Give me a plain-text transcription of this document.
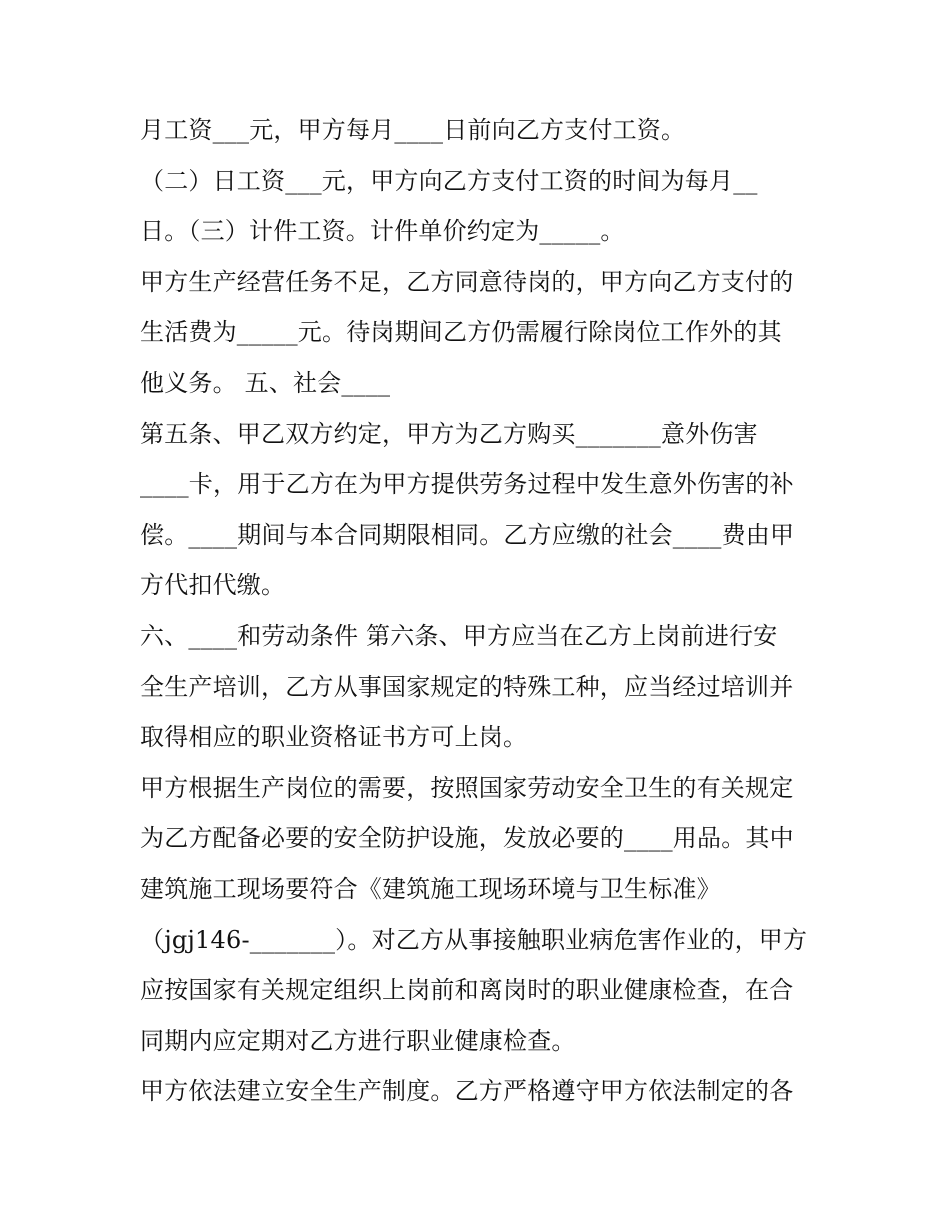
月工资___元，甲方每月____日前向乙方支付工资。
（二）日工资___元，甲方向乙方支付工资的时间为每月__
日。（三）计件工资。计件单价约定为_____。
甲方生产经营任务不足，乙方同意待岗的，甲方向乙方支付的
生活费为_____元。待岗期间乙方仍需履行除岗位工作外的其
他义务。 五、社会____
第五条、甲乙双方约定，甲方为乙方购买_______意外伤害
____卡，用于乙方在为甲方提供劳务过程中发生意外伤害的补
偿。____期间与本合同期限相同。乙方应缴的社会____费由甲
方代扣代缴。
六、____和劳动条件 第六条、甲方应当在乙方上岗前进行安
全生产培训，乙方从事国家规定的特殊工种，应当经过培训并
取得相应的职业资格证书方可上岗。
甲方根据生产岗位的需要，按照国家劳动安全卫生的有关规定
为乙方配备必要的安全防护设施，发放必要的____用品。其中
建筑施工现场要符合《建筑施工现场环境与卫生标准》
（jgj146-_______）。对乙方从事接触职业病危害作业的，甲方
应按国家有关规定组织上岗前和离岗时的职业健康检查，在合
同期内应定期对乙方进行职业健康检查。
甲方依法建立安全生产制度。乙方严格遵守甲方依法制定的各
